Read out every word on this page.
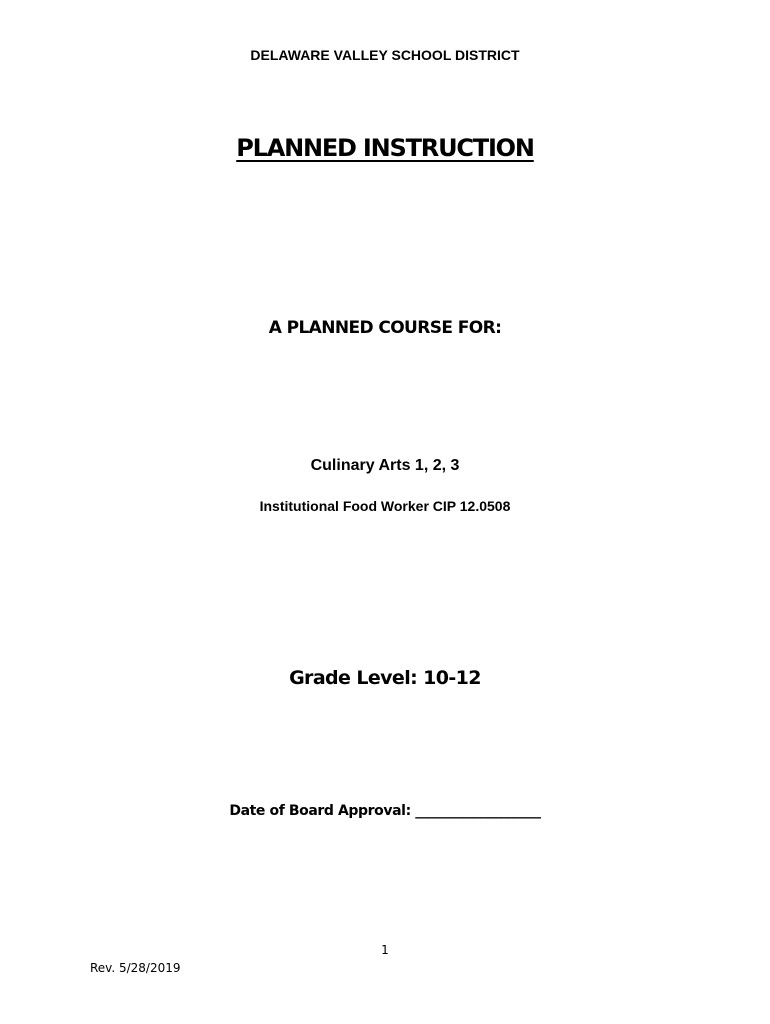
DELAWARE VALLEY SCHOOL DISTRICT
PLANNED INSTRUCTION
A PLANNED COURSE FOR:
Culinary Arts 1, 2, 3
Institutional Food Worker CIP 12.0508
Grade Level: 10-12
Date of Board Approval: ___________________
1
Rev. 5/28/2019
